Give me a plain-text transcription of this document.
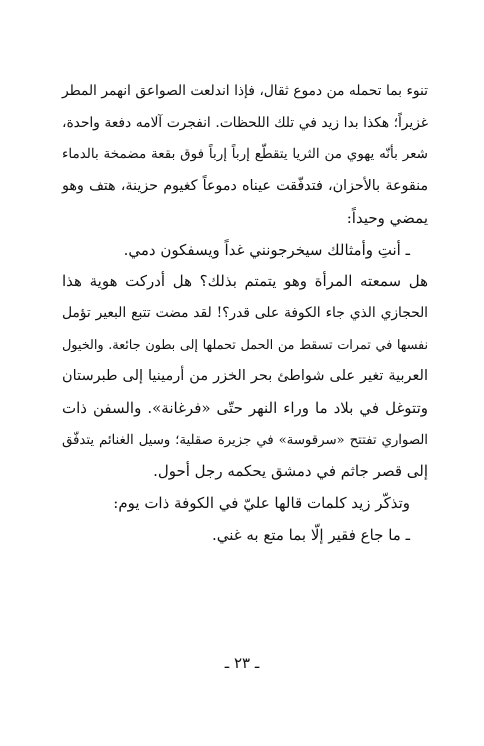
تنوء بما تحمله من دموع ثقال، فإذا اندلعت الصواعق انهمر المطر
غزيراً؛ هكذا بدا زيد في تلك اللحظات. انفجرت آلامه دفعة واحدة،
شعر بأنّه يهوي من الثريا يتقطّع إرباً إرباً فوق بقعة مضمخة بالدماء
منقوعة بالأحزان، فتدفّقت عيناه دموعاً كغيوم حزينة، هتف وهو
يمضي وحيداً:
ـ أنتِ وأمثالك سيخرجونني غداً ويسفكون دمي.
هل سمعته المرأة وهو يتمتم بذلك؟ هل أدركت هوية هذا
الحجازي الذي جاء الكوفة على قدر؟! لقد مضت تتبع البعير تؤمل
نفسها في تمرات تسقط من الحمل تحملها إلى بطون جائعة. والخيول
العربية تغير على شواطئ بحر الخزر من أرمينيا إلى طبرستان
وتتوغل في بلاد ما وراء النهر حتّى «فرغانة». والسفن ذات
الصواري تفتتح «سرقوسة» في جزيرة صقلية؛ وسيل الغنائم يتدفّق
إلى قصر جاثم في دمشق يحكمه رجل أحول.
وتذكّر زيد كلمات قالها عليّ في الكوفة ذات يوم:
ـ ما جاع فقير إلّا بما متع به غني.
ـ ٢٣ ـ
